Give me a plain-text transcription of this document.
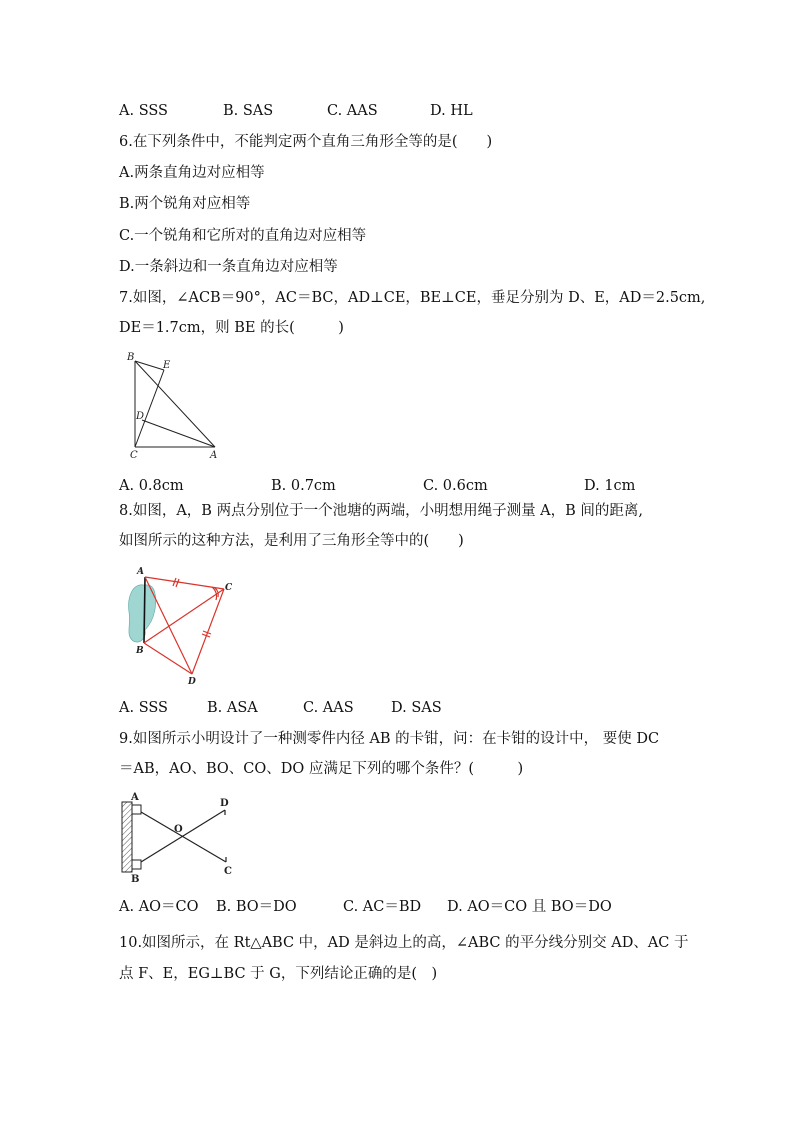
A. SSS	B. SAS	C. AAS	D. HL
6.在下列条件中，不能判定两个直角三角形全等的是(　　)
A.两条直角边对应相等
B.两个锐角对应相等
C.一个锐角和它所对的直角边对应相等
D.一条斜边和一条直角边对应相等
7.如图，∠ACB＝90°，AC＝BC，AD⊥CE，BE⊥CE，垂足分别为 D、E，AD＝2.5cm,
DE＝1.7cm，则 BE 的长(　　　)
B
E
D
C	A
A. 0.8cm	B. 0.7cm	C. 0.6cm	D. 1cm
8.如图，A，B 两点分别位于一个池塘的两端，小明想用绳子测量 A，B 间的距离,
如图所示的这种方法，是利用了三角形全等中的(　　)
A
C
B
D
A. SSS	B. ASA	C. AAS	D. SAS
9.如图所示小明设计了一种测零件内径 AB 的卡钳，问：在卡钳的设计中， 要使 DC
＝AB，AO、BO、CO、DO 应满足下列的哪个条件？(　　　)
A
O
D
C
B
A. AO＝CO B. BO＝DO	C. AC＝BD D. AO＝CO 且 BO＝DO
10.如图所示，在 Rt△ABC 中，AD 是斜边上的高，∠ABC 的平分线分别交 AD、AC 于
点 F、E，EG⊥BC 于 G，下列结论正确的是(　)
